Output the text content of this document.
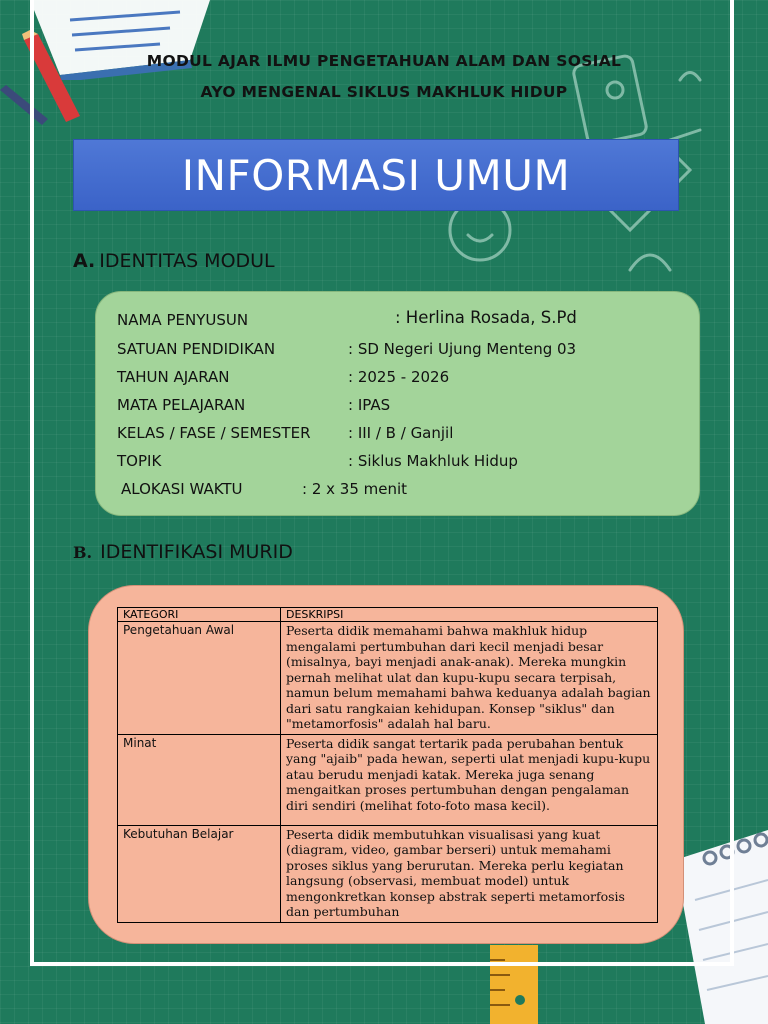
MODUL AJAR ILMU PENGETAHUAN ALAM DAN SOSIAL
AYO MENGENAL SIKLUS MAKHLUK HIDUP
INFORMASI UMUM
A. IDENTITAS MODUL
NAMA PENYUSUN	: Herlina Rosada, S.Pd
SATUAN PENDIDIKAN	: SD Negeri Ujung Menteng 03
TAHUN AJARAN	: 2025 - 2026
MATA PELAJARAN	: IPAS
KELAS / FASE / SEMESTER	: III / B / Ganjil
TOPIK	: Siklus Makhluk Hidup
ALOKASI WAKTU	: 2 x 35 menit
B. IDENTIFIKASI MURID
KATEGORI	DESKRIPSI
Pengetahuan Awal	Peserta didik memahami bahwa makhluk hidup mengalami pertumbuhan dari kecil menjadi besar (misalnya, bayi menjadi anak-anak). Mereka mungkin pernah melihat ulat dan kupu-kupu secara terpisah, namun belum memahami bahwa keduanya adalah bagian dari satu rangkaian kehidupan. Konsep "siklus" dan "metamorfosis" adalah hal baru.
Minat	Peserta didik sangat tertarik pada perubahan bentuk yang "ajaib" pada hewan, seperti ulat menjadi kupu-kupu atau berudu menjadi katak. Mereka juga senang mengaitkan proses pertumbuhan dengan pengalaman diri sendiri (melihat foto-foto masa kecil).
Kebutuhan Belajar	Peserta didik membutuhkan visualisasi yang kuat (diagram, video, gambar berseri) untuk memahami proses siklus yang berurutan. Mereka perlu kegiatan langsung (observasi, membuat model) untuk mengonkretkan konsep abstrak seperti metamorfosis dan pertumbuhan
